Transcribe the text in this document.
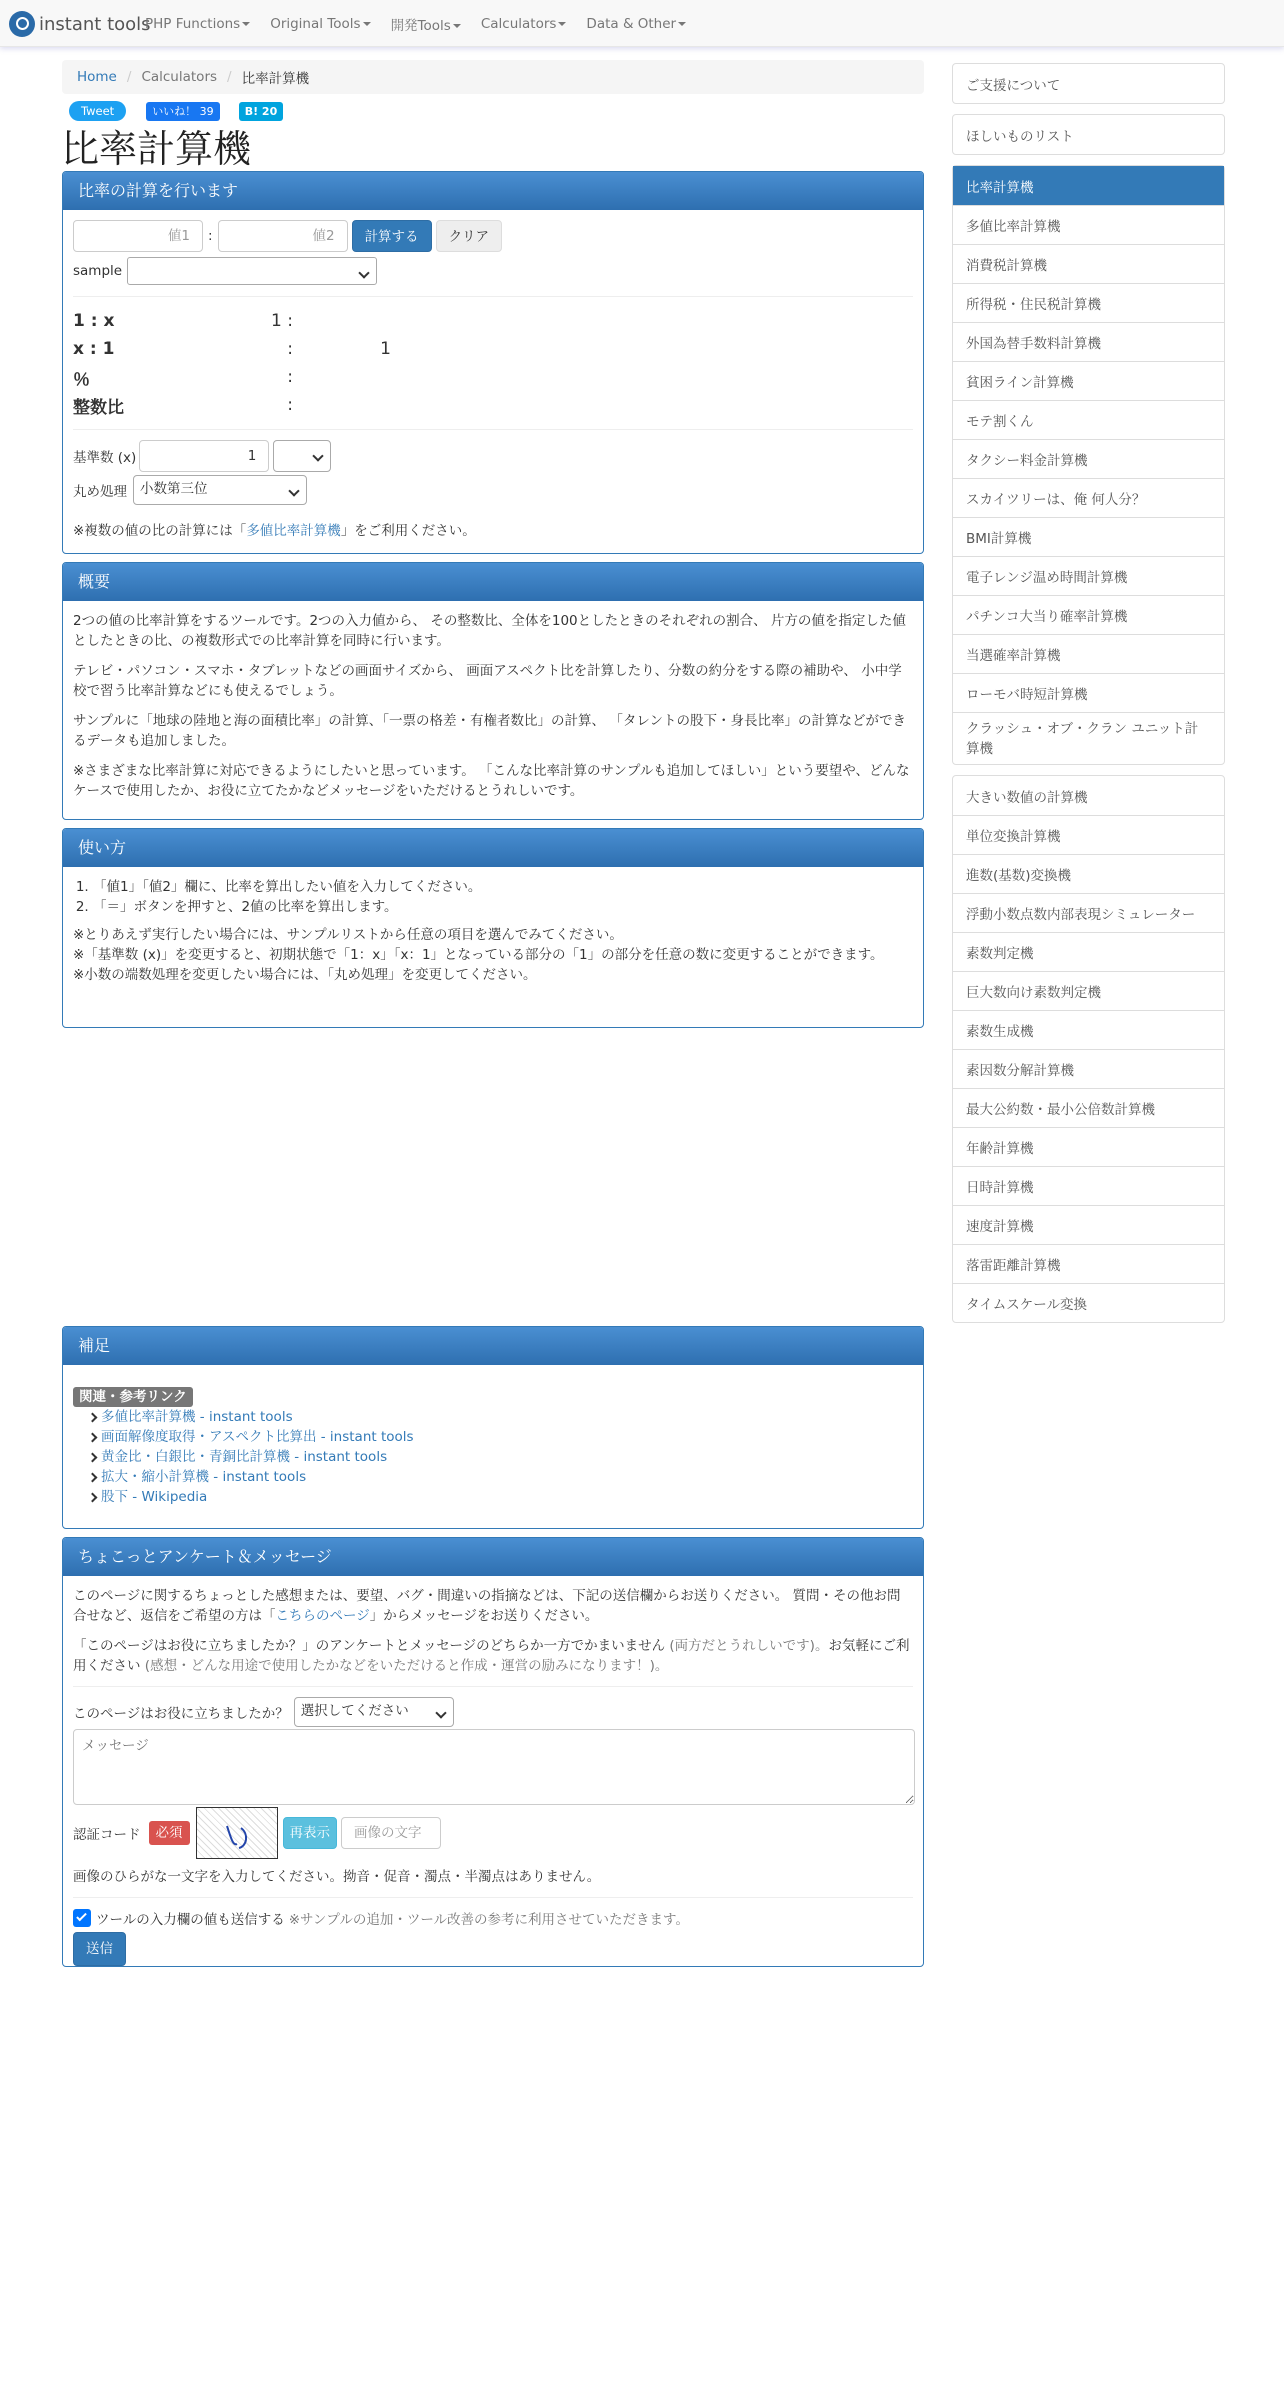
instant tools
PHP Functions	Original Tools	開発Tools	Calculators	Data & Other
Home / Calculators / 比率計算機
Tweet	いいね！ 39	B! 20
比率計算機
比率の計算を行います
値1	:	値2	計算する	クリア
sample
1 : x	1 :
x : 1	:	1
％	:
整数比	:
基準数 (x)	1
丸め処理 小数第三位
※複数の値の比の計算には「多値比率計算機」をご利用ください。
概要

2つの値の比率計算をするツールです。2つの入力値から、 その整数比、全体を100としたときのそれぞれの割合、 片方の値を指定した値としたときの比、の複数形式での比率計算を同時に行います。

テレビ・パソコン・スマホ・タブレットなどの画面サイズから、 画面アスペクト比を計算したり、分数の約分をする際の補助や、 小中学校で習う比率計算などにも使えるでしょう。

サンプルに「地球の陸地と海の面積比率」の計算、「一票の格差・有権者数比」の計算、 「タレントの股下・身長比率」の計算などができるデータも追加しました。

※さまざまな比率計算に対応できるようにしたいと思っています。 「こんな比率計算のサンプルも追加してほしい」という要望や、どんなケースで使用したか、お役に立てたかなどメッセージをいただけるとうれしいです。

使い方
1. 「値1」「値2」欄に、比率を算出したい値を入力してください。
2. 「＝」ボタンを押すと、2値の比率を算出します。
※とりあえず実行したい場合には、サンプルリストから任意の項目を選んでみてください。
※「基準数 (x)」を変更すると、初期状態で「1：x」「x：1」となっている部分の「1」の部分を任意の数に変更することができます。
※小数の端数処理を変更したい場合には、「丸め処理」を変更してください。
補足
関連・参考リンク
多値比率計算機 - instant tools
画面解像度取得・アスペクト比算出 - instant tools
黄金比・白銀比・青銅比計算機 - instant tools
拡大・縮小計算機 - instant tools
股下 - Wikipedia
ちょこっとアンケート＆メッセージ

このページに関するちょっとした感想または、要望、バグ・間違いの指摘などは、下記の送信欄からお送りください。 質問・その他お問合せなど、返信をご希望の方は「こちらのページ」からメッセージをお送りください。

「このページはお役に立ちましたか？」のアンケートとメッセージのどちらか一方でかまいません (両方だとうれしいです)。お気軽にご利用ください (感想・どんな用途で使用したかなどをいただけると作成・運営の励みになります！)。

このページはお役に立ちましたか？ 選択してください
メッセージ
認証コード	必須	再表示	画像の文字
画像のひらがな一文字を入力してください。拗音・促音・濁点・半濁点はありません。
ツールの入力欄の値も送信する ※サンプルの追加・ツール改善の参考に利用させていただきます。
送信
ご支援について
ほしいものリスト
比率計算機
多値比率計算機
消費税計算機
所得税・住民税計算機
外国為替手数料計算機
貧困ライン計算機
モテ割くん
タクシー料金計算機
スカイツリーは、俺 何人分？
BMI計算機
電子レンジ温め時間計算機
パチンコ大当り確率計算機
当選確率計算機
ローモバ時短計算機
クラッシュ・オブ・クラン ユニット計算機
大きい数値の計算機
単位変換計算機
進数(基数)変換機
浮動小数点数内部表現シミュレーター
素数判定機
巨大数向け素数判定機
素数生成機
素因数分解計算機
最大公約数・最小公倍数計算機
年齢計算機
日時計算機
速度計算機
落雷距離計算機
タイムスケール変換
